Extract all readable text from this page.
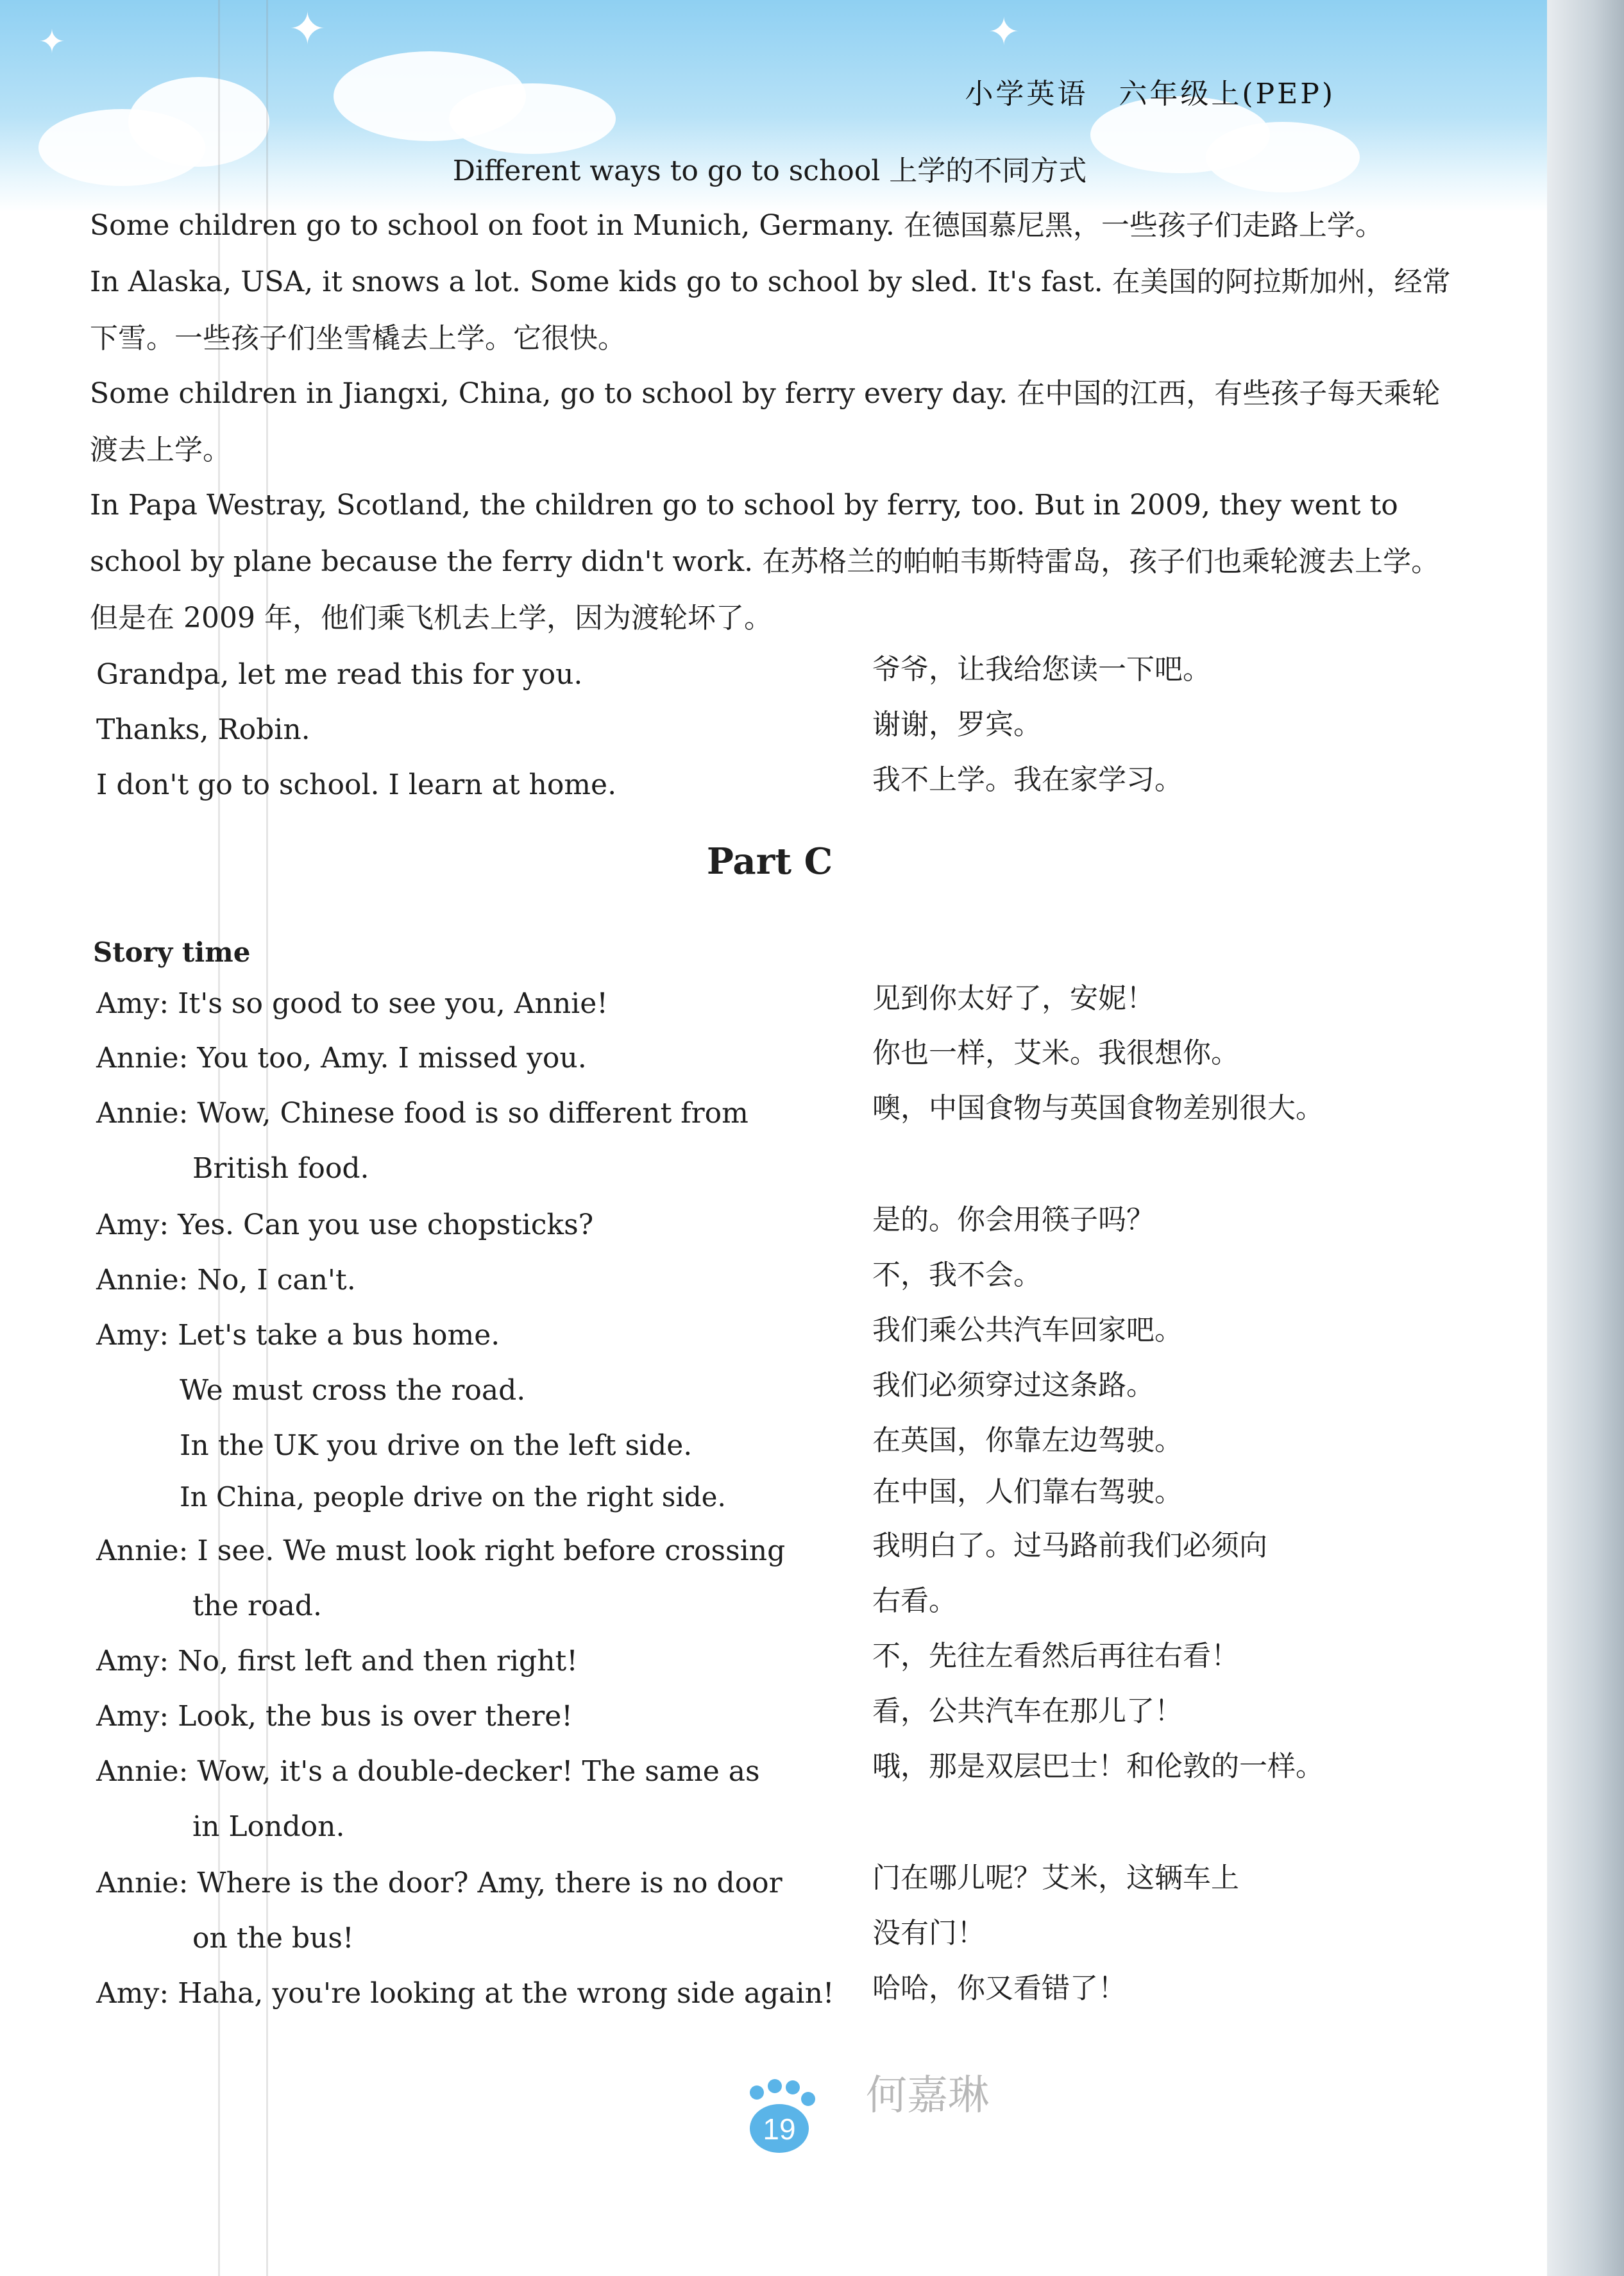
✦
✦	✦
小学英语　六年级上(PEP)
Different ways to go to school 上学的不同方式
Some children go to school on foot in Munich, Germany. 在德国慕尼黑，一些孩子们走路上学。
In Alaska, USA, it snows a lot. Some kids go to school by sled. It's fast. 在美国的阿拉斯加州，经常下雪。一些孩子们坐雪橇去上学。它很快。
Some children in Jiangxi, China, go to school by ferry every day. 在中国的江西，有些孩子每天乘轮渡去上学。
In Papa Westray, Scotland, the children go to school by ferry, too. But in 2009, they went to school by plane because the ferry didn't work. 在苏格兰的帕帕韦斯特雷岛，孩子们也乘轮渡去上学。但是在 2009 年，他们乘飞机去上学，因为渡轮坏了。
Grandpa, let me read this for you.	爷爷，让我给您读一下吧。
Thanks, Robin.	谢谢，罗宾。
I don't go to school. I learn at home.	我不上学。我在家学习。
Part C
Story time
Amy: It's so good to see you, Annie!	见到你太好了，安妮！
Annie: You too, Amy. I missed you.	你也一样，艾米。我很想你。
Annie: Wow, Chinese food is so different from	噢，中国食物与英国食物差别很大。
British food.
Amy: Yes. Can you use chopsticks?	是的。你会用筷子吗？
Annie: No, I can't.	不，我不会。
Amy: Let's take a bus home.	我们乘公共汽车回家吧。
We must cross the road.	我们必须穿过这条路。
In the UK you drive on the left side.	在英国，你靠左边驾驶。
In China, people drive on the right side.	在中国，人们靠右驾驶。
Annie: I see. We must look right before crossing	我明白了。过马路前我们必须向
the road.	右看。
Amy: No, first left and then right!	不，先往左看然后再往右看！
Amy: Look, the bus is over there!	看，公共汽车在那儿了！
Annie: Wow, it's a double-decker! The same as	哦，那是双层巴士！和伦敦的一样。
in London.
Annie: Where is the door? Amy, there is no door	门在哪儿呢？艾米，这辆车上
on the bus!	没有门！
Amy: Haha, you're looking at the wrong side again! 哈哈，你又看错了！
19
何嘉琳
